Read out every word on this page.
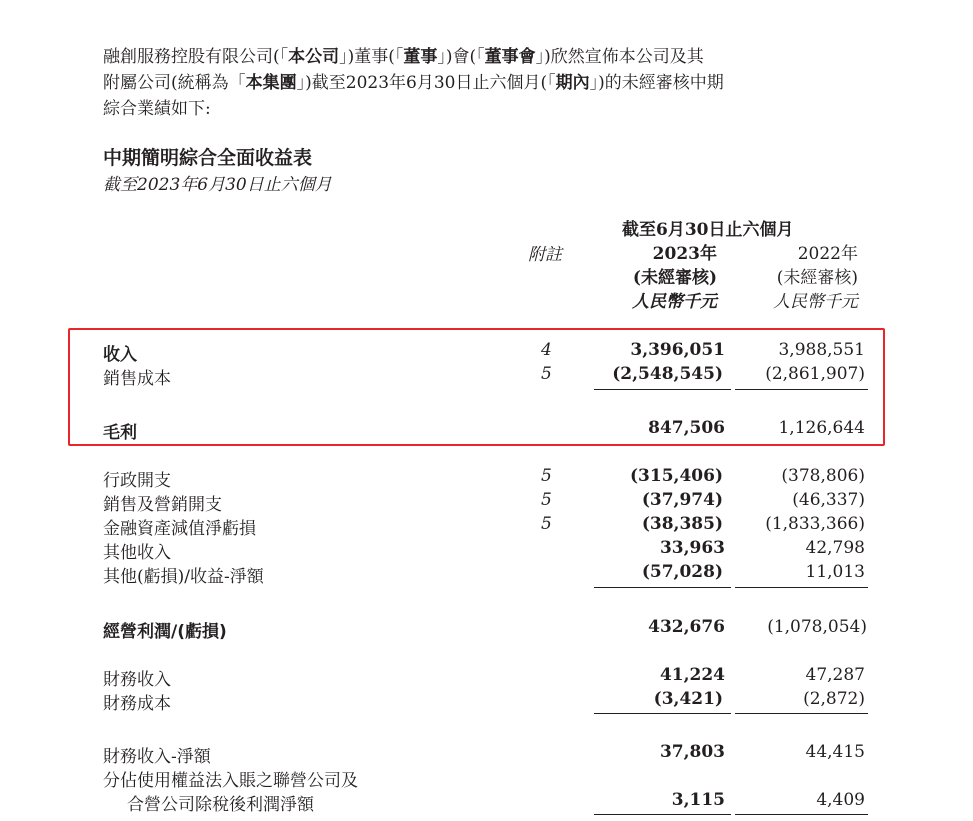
融創服務控股有限公司(「本公司」)董事(「董事」)會(「董事會」)欣然宣佈本公司及其
附屬公司(統稱為「本集團」)截至2023年6月30日止六個月(「期內」)的未經審核中期
綜合業績如下:
中期簡明綜合全面收益表
截至2023年6月30日止六個月
截至6月30日止六個月
附註	2023年
(未經審核)
人民幣千元
2022年
(未經審核)
人民幣千元
收入	4	3,396,051	3,988,551
銷售成本	5	(2,548,545) (2,861,907)
毛利	847,506	1,126,644
行政開支	5	(315,406)	(378,806)
銷售及營銷開支	5	(37,974)	(46,337)
金融資產減值淨虧損	5	(38,385) (1,833,366)
其他收入	33,963	42,798
其他(虧損)/收益-淨額	(57,028)	11,013
經營利潤/(虧損)	432,676 (1,078,054)
財務收入	41,224	47,287
財務成本	(3,421)	(2,872)
財務收入-淨額	37,803	44,415
分佔使用權益法入賬之聯營公司及
合營公司除稅後利潤淨額	3,115	4,409
